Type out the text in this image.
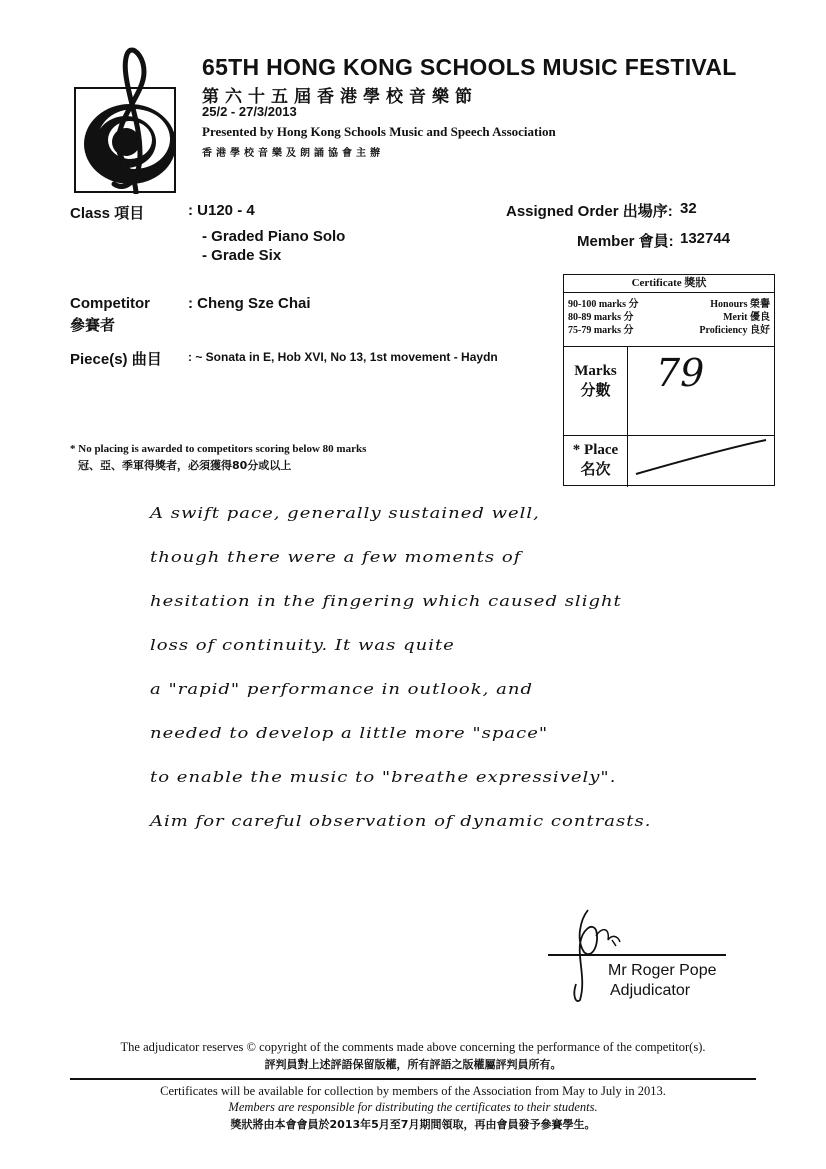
65TH HONG KONG SCHOOLS MUSIC FESTIVAL
第六十五屆香港學校音樂節
25/2 - 27/3/2013
Presented by Hong Kong Schools Music and Speech Association
香港學校音樂及朗誦協會主辦
Class 項目	: U120 - 4
- Graded Piano Solo
- Grade Six
Assigned Order 出場序: 32
Member 會員: 132744
Competitor
參賽者
: Cheng Sze Chai
Piece(s) 曲目 : ~ Sonata in E, Hob XVI, No 13, 1st movement - Haydn
Certificate 獎狀
90-100 marks 分	Honours 榮譽
80-89 marks 分	Merit 優良
75-79 marks 分	Proficiency 良好
Marks
分數	79
* Place
名次
* No placing is awarded to competitors scoring below 80 marks
冠、亞、季軍得獎者，必須獲得80分或以上
A swift pace, generally sustained well,
though there were a few moments of
hesitation in the fingering which caused slight
loss of continuity. It was quite
a "rapid" performance in outlook, and
needed to develop a little more "space"
to enable the music to "breathe expressively".
Aim for careful observation of dynamic contrasts.
Mr Roger Pope
Adjudicator
The adjudicator reserves © copyright of the comments made above concerning the performance of the competitor(s).
評判員對上述評語保留版權，所有評語之版權屬評判員所有。
Certificates will be available for collection by members of the Association from May to July in 2013.
Members are responsible for distributing the certificates to their students.
獎狀將由本會會員於2013年5月至7月期間領取，再由會員發予參賽學生。
